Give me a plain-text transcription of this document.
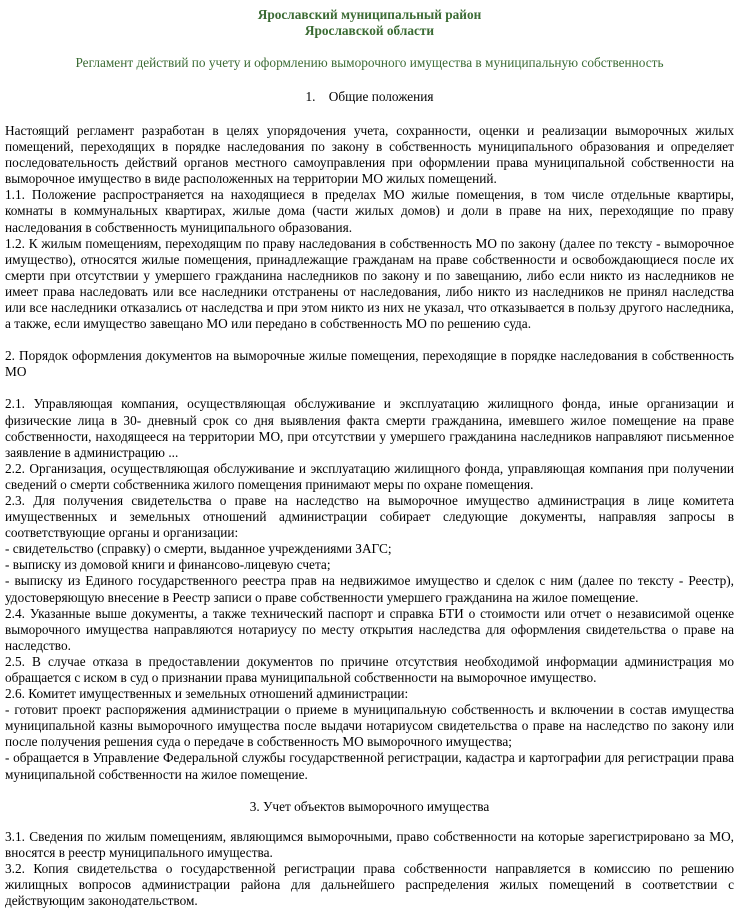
Ярославский муниципальный район
Ярославской области
Регламент действий по учету и оформлению выморочного имущества в муниципальную собственность
1.    Общие положения

Настоящий регламент разработан в целях упорядочения учета, сохранности, оценки и реализации выморочных жилых помещений, переходящих в порядке наследования по закону в собственность муниципального образования и определяет последовательность действий органов местного самоуправления при оформлении права муниципальной собственности на выморочное имущество в виде расположенных на территории МО жилых помещений.

1.1. Положение распространяется на находящиеся в пределах МО жилые помещения, в том числе отдельные квартиры, комнаты в коммунальных квартирах, жилые дома (части жилых домов) и доли в праве на них, переходящие по праву наследования в собственность муниципального образования.

1.2. К жилым помещениям, переходящим по праву наследования в собственность МО по закону (далее по тексту - выморочное имущество), относятся жилые помещения, принадлежащие гражданам на праве собственности и освобождающиеся после их смерти при отсутствии у умершего гражданина наследников по закону и по завещанию, либо если никто из наследников не имеет права наследовать или все наследники отстранены от наследования, либо никто из наследников не принял наследства или все наследники отказались от наследства и при этом никто из них не указал, что отказывается в пользу другого наследника, а также, если имущество завещано МО или передано в собственность МО по решению суда.

2. Порядок оформления документов на выморочные жилые помещения, переходящие в порядке наследования в собственность МО

2.1. Управляющая компания, осуществляющая обслуживание и эксплуатацию жилищного фонда, иные организации и физические лица в 30- дневный срок со дня выявления факта смерти гражданина, имевшего жилое помещение на праве собственности, находящееся на территории МО, при отсутствии у умершего гражданина наследников направляют письменное заявление в администрацию ...

2.2. Организация, осуществляющая обслуживание и эксплуатацию жилищного фонда, управляющая компания при получении сведений о смерти собственника жилого помещения принимают меры по охране помещения.

2.3. Для получения свидетельства о праве на наследство на выморочное имущество администрация в лице комитета имущественных и земельных отношений администрации собирает следующие документы, направляя запросы в соответствующие органы и организации:

- свидетельство (справку) о смерти, выданное учреждениями ЗАГС;

- выписку из домовой книги и финансово-лицевую счета;

- выписку из Единого государственного реестра прав на недвижимое имущество и сделок с ним (далее по тексту - Реестр), удостоверяющую внесение в Реестр записи о праве собственности умершего гражданина на жилое помещение.

2.4. Указанные выше документы, а также технический паспорт и справка БТИ о стоимости или отчет о независимой оценке выморочного имущества направляются нотариусу по месту открытия наследства для оформления свидетельства о праве на наследство.

2.5. В случае отказа в предоставлении документов по причине отсутствия необходимой информации администрация мо обращается с иском в суд о признании права муниципальной собственности на выморочное имущество.

2.6. Комитет имущественных и земельных отношений администрации:

- готовит проект распоряжения администрации о приеме в муниципальную собственность и включении в состав имущества муниципальной казны выморочного имущества после выдачи нотариусом свидетельства о праве на наследство по закону или после получения решения суда о передаче в собственность МО выморочного имущества;

- обращается в Управление Федеральной службы государственной регистрации, кадастра и картографии для регистрации права муниципальной собственности на жилое помещение.

3. Учет объектов выморочного имущества

3.1. Сведения по жилым помещениям, являющимся выморочными, право собственности на которые зарегистрировано за МО, вносятся в реестр муниципального имущества.

3.2. Копия свидетельства о государственной регистрации права собственности направляется в комиссию по решению жилищных вопросов администрации района для дальнейшего распределения жилых помещений в соответствии с действующим законодательством.
